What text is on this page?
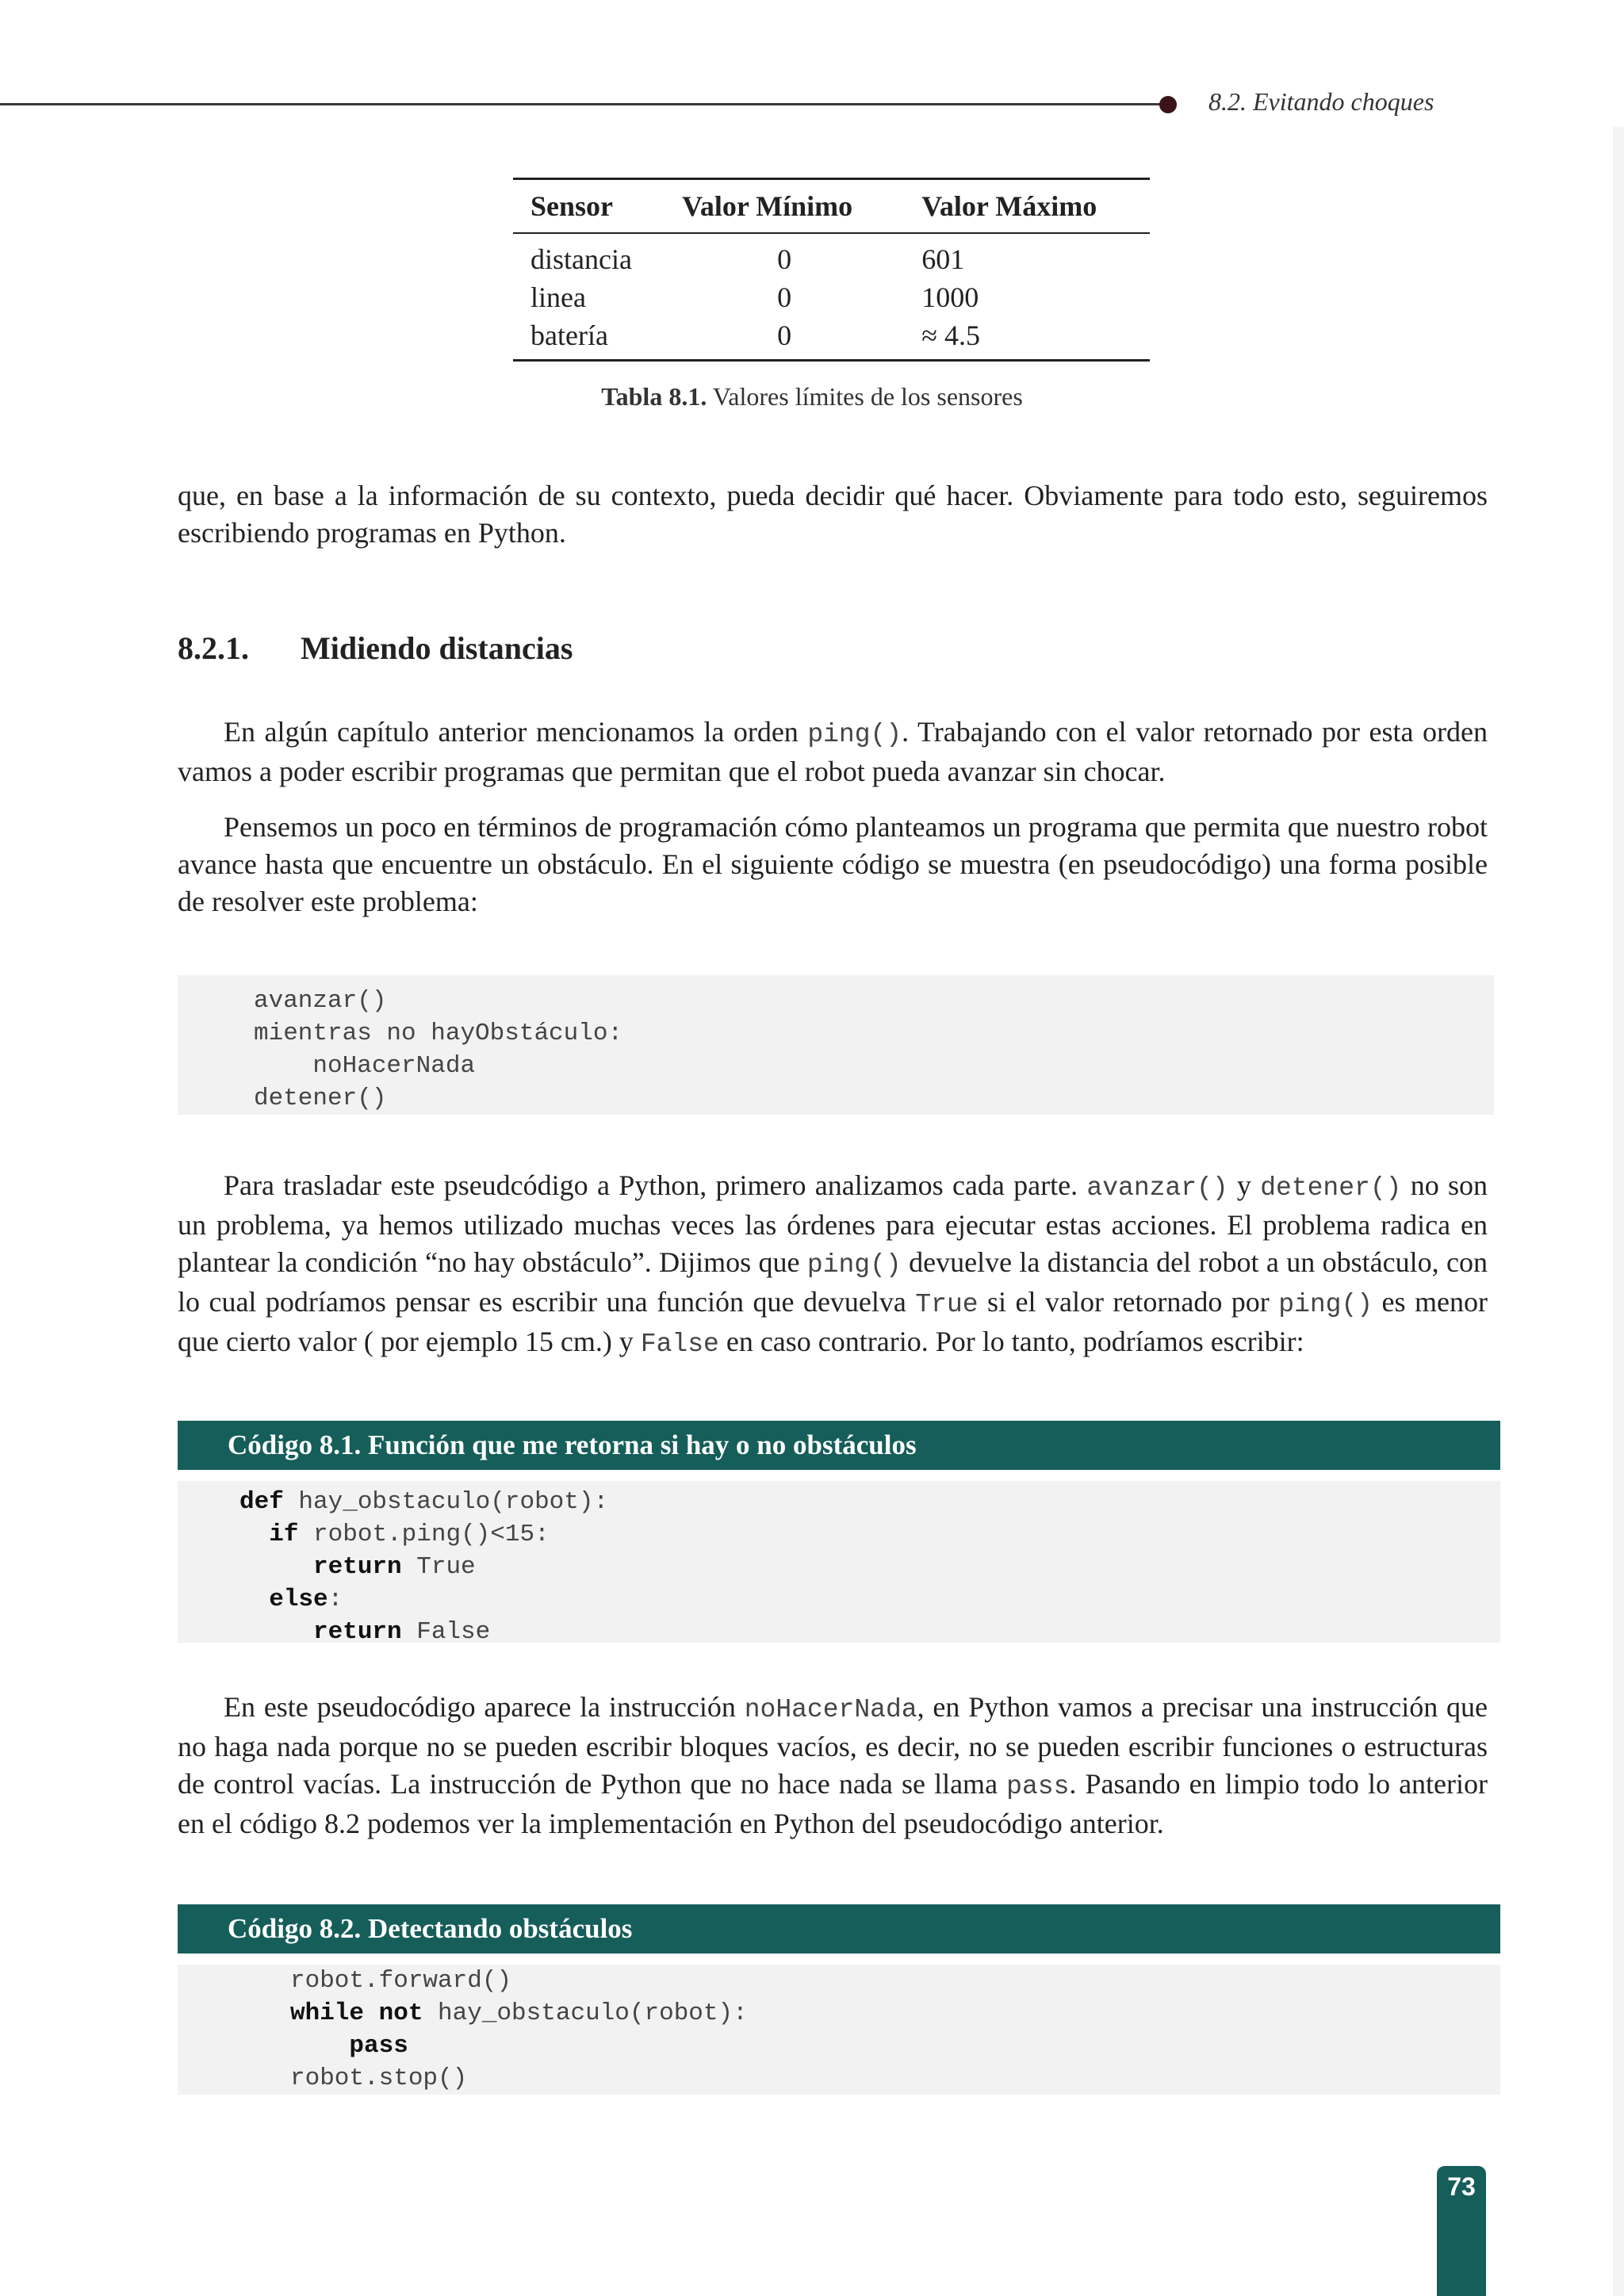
8.2. Evitando choques
Sensor	Valor Mínimo	Valor Máximo
distancia	0	601
linea	0	1000
batería	0	≈ 4.5
Tabla 8.1. Valores límites de los sensores

que, en base a la información de su contexto, pueda decidir qué hacer. Obviamente para todo esto, seguiremos escribiendo programas en Python.

8.2.1. Midiendo distancias

En algún capítulo anterior mencionamos la orden ping(). Trabajando con el valor retornado por esta orden vamos a poder escribir programas que permitan que el robot pueda avanzar sin chocar.

Pensemos un poco en términos de programación cómo planteamos un programa que permita que nuestro robot avance hasta que encuentre un obstáculo. En el siguiente código se muestra (en pseudocódigo) una forma posible de resolver este problema:

avanzar()
mientras no hayObstáculo:
noHacerNada
detener()

Para trasladar este pseudcódigo a Python, primero analizamos cada parte. avanzar() y detener() no son un problema, ya hemos utilizado muchas veces las órdenes para ejecutar estas acciones. El problema radica en plantear la condición “no hay obstáculo”. Dijimos que ping() devuelve la distancia del robot a un obstáculo, con lo cual podríamos pensar es escribir una función que devuelva True si el valor retornado por ping() es menor que cierto valor ( por ejemplo 15 cm.) y False en caso contrario. Por lo tanto, podríamos escribir:

Código 8.1. Función que me retorna si hay o no obstáculos
def hay_obstaculo(robot):
if robot.ping()<15:
return True
else:
return False

En este pseudocódigo aparece la instrucción noHacerNada, en Python vamos a precisar una instrucción que no haga nada porque no se pueden escribir bloques vacíos, es decir, no se pueden escribir funciones o estructuras de control vacías. La instrucción de Python que no hace nada se llama pass. Pasando en limpio todo lo anterior en el código 8.2 podemos ver la implementación en Python del pseudocódigo anterior.

Código 8.2. Detectando obstáculos
robot.forward()
while not hay_obstaculo(robot):
pass
robot.stop()
73
